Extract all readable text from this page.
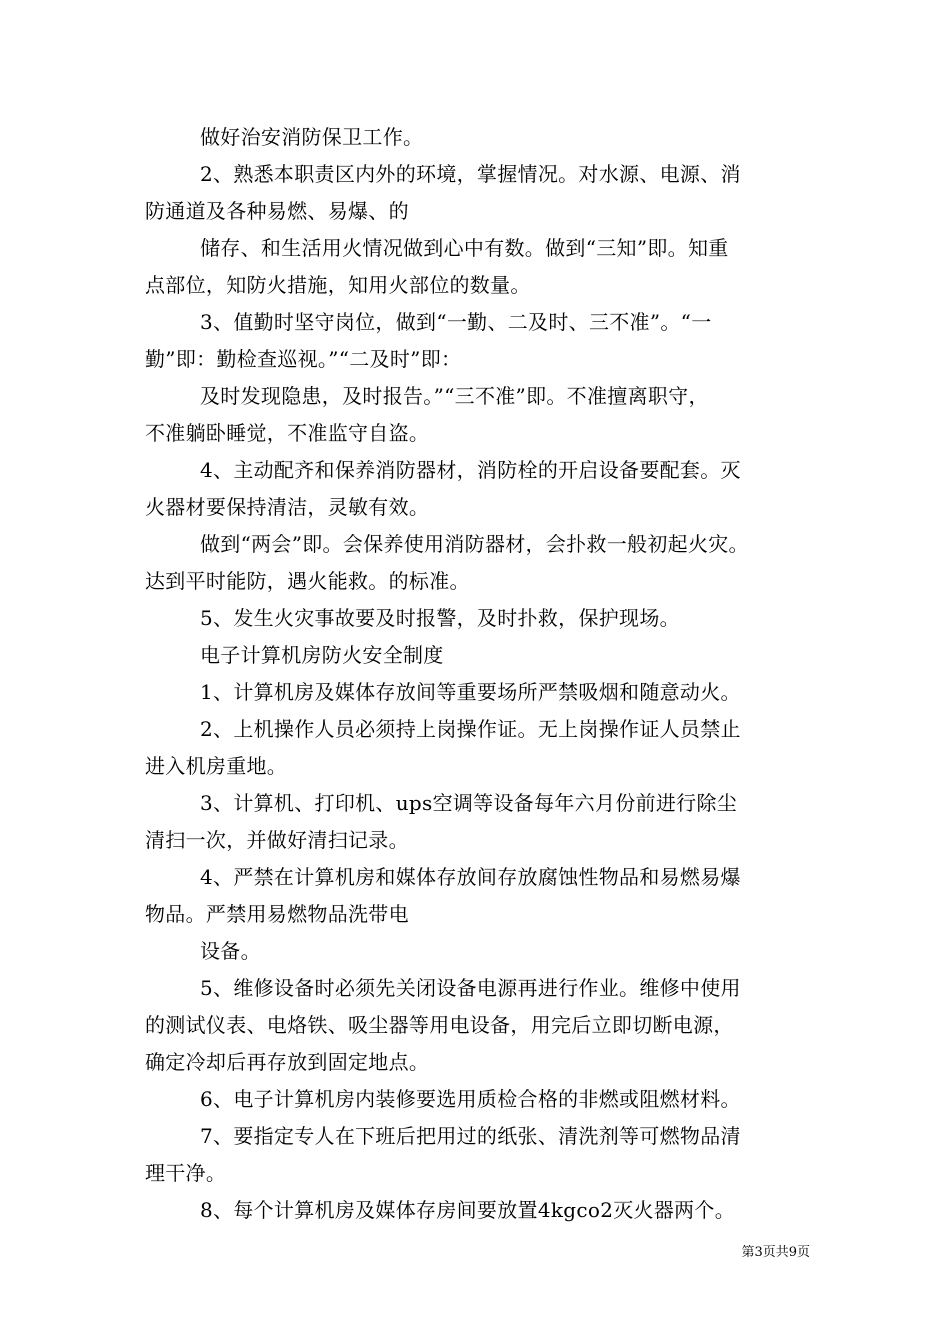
做好治安消防保卫工作。
2、熟悉本职责区内外的环境，掌握情况。对水源、电源、消
防通道及各种易燃、易爆、的
储存、和生活用火情况做到心中有数。做到“三知”即。知重
点部位，知防火措施，知用火部位的数量。
3、值勤时坚守岗位，做到“一勤、二及时、三不准”。“一
勤”即：勤检查巡视。”“二及时”即：
及时发现隐患，及时报告。”“三不准”即。不准擅离职守，
不准躺卧睡觉，不准监守自盗。
4、主动配齐和保养消防器材，消防栓的开启设备要配套。灭
火器材要保持清洁，灵敏有效。
做到“两会”即。会保养使用消防器材，会扑救一般初起火灾。
达到平时能防，遇火能救。的标准。
5、发生火灾事故要及时报警，及时扑救，保护现场。
电子计算机房防火安全制度
1、计算机房及媒体存放间等重要场所严禁吸烟和随意动火。
2、上机操作人员必须持上岗操作证。无上岗操作证人员禁止
进入机房重地。
3、计算机、打印机、ups空调等设备每年六月份前进行除尘
清扫一次，并做好清扫记录。
4、严禁在计算机房和媒体存放间存放腐蚀性物品和易燃易爆
物品。严禁用易燃物品洗带电
设备。
5、维修设备时必须先关闭设备电源再进行作业。维修中使用
的测试仪表、电烙铁、吸尘器等用电设备，用完后立即切断电源，
确定冷却后再存放到固定地点。
6、电子计算机房内装修要选用质检合格的非燃或阻燃材料。
7、要指定专人在下班后把用过的纸张、清洗剂等可燃物品清
理干净。
8、每个计算机房及媒体存房间要放置4kgco2灭火器两个。
第3页共9页
